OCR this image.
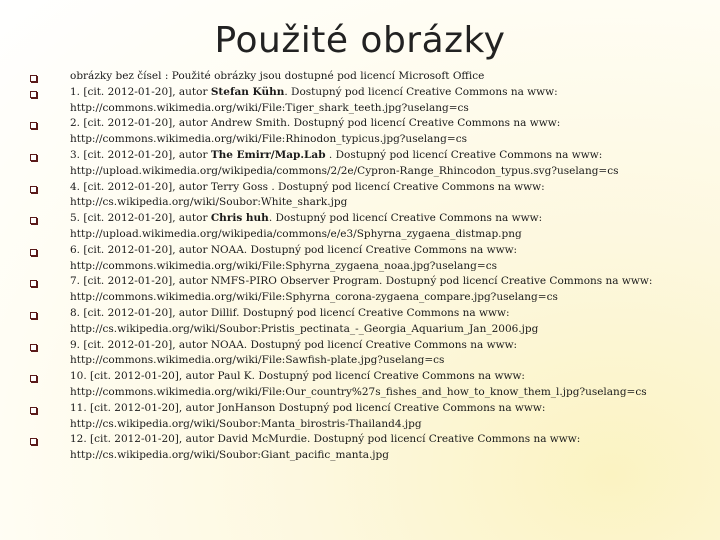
Použité obrázky
obrázky bez čísel : Použité obrázky jsou dostupné pod licencí Microsoft Office
1. [cit. 2012-01-20], autor Stefan Kühn. Dostupný pod licencí Creative Commons na www:
http://commons.wikimedia.org/wiki/File:Tiger_shark_teeth.jpg?uselang=cs
2. [cit. 2012-01-20], autor Andrew Smith. Dostupný pod licencí Creative Commons na www:
http://commons.wikimedia.org/wiki/File:Rhinodon_typicus.jpg?uselang=cs
3. [cit. 2012-01-20], autor The Emirr/Map.Lab . Dostupný pod licencí Creative Commons na www:
http://upload.wikimedia.org/wikipedia/commons/2/2e/Cypron-Range_Rhincodon_typus.svg?uselang=cs
4. [cit. 2012-01-20], autor Terry Goss . Dostupný pod licencí Creative Commons na www:
http://cs.wikipedia.org/wiki/Soubor:White_shark.jpg
5. [cit. 2012-01-20], autor Chris huh. Dostupný pod licencí Creative Commons na www:
http://upload.wikimedia.org/wikipedia/commons/e/e3/Sphyrna_zygaena_distmap.png
6. [cit. 2012-01-20], autor NOAA. Dostupný pod licencí Creative Commons na www:
http://commons.wikimedia.org/wiki/File:Sphyrna_zygaena_noaa.jpg?uselang=cs
7. [cit. 2012-01-20], autor NMFS-PIRO Observer Program. Dostupný pod licencí Creative Commons na www:
http://commons.wikimedia.org/wiki/File:Sphyrna_corona-zygaena_compare.jpg?uselang=cs
8. [cit. 2012-01-20], autor Dillif. Dostupný pod licencí Creative Commons na www:
http://cs.wikipedia.org/wiki/Soubor:Pristis_pectinata_-_Georgia_Aquarium_Jan_2006.jpg
9. [cit. 2012-01-20], autor NOAA. Dostupný pod licencí Creative Commons na www:
http://commons.wikimedia.org/wiki/File:Sawfish-plate.jpg?uselang=cs
10. [cit. 2012-01-20], autor Paul K. Dostupný pod licencí Creative Commons na www:
http://commons.wikimedia.org/wiki/File:Our_country%27s_fishes_and_how_to_know_them_l.jpg?uselang=cs
11. [cit. 2012-01-20], autor JonHanson Dostupný pod licencí Creative Commons na www:
http://cs.wikipedia.org/wiki/Soubor:Manta_birostris-Thailand4.jpg
12. [cit. 2012-01-20], autor David McMurdie. Dostupný pod licencí Creative Commons na www:
http://cs.wikipedia.org/wiki/Soubor:Giant_pacific_manta.jpg
